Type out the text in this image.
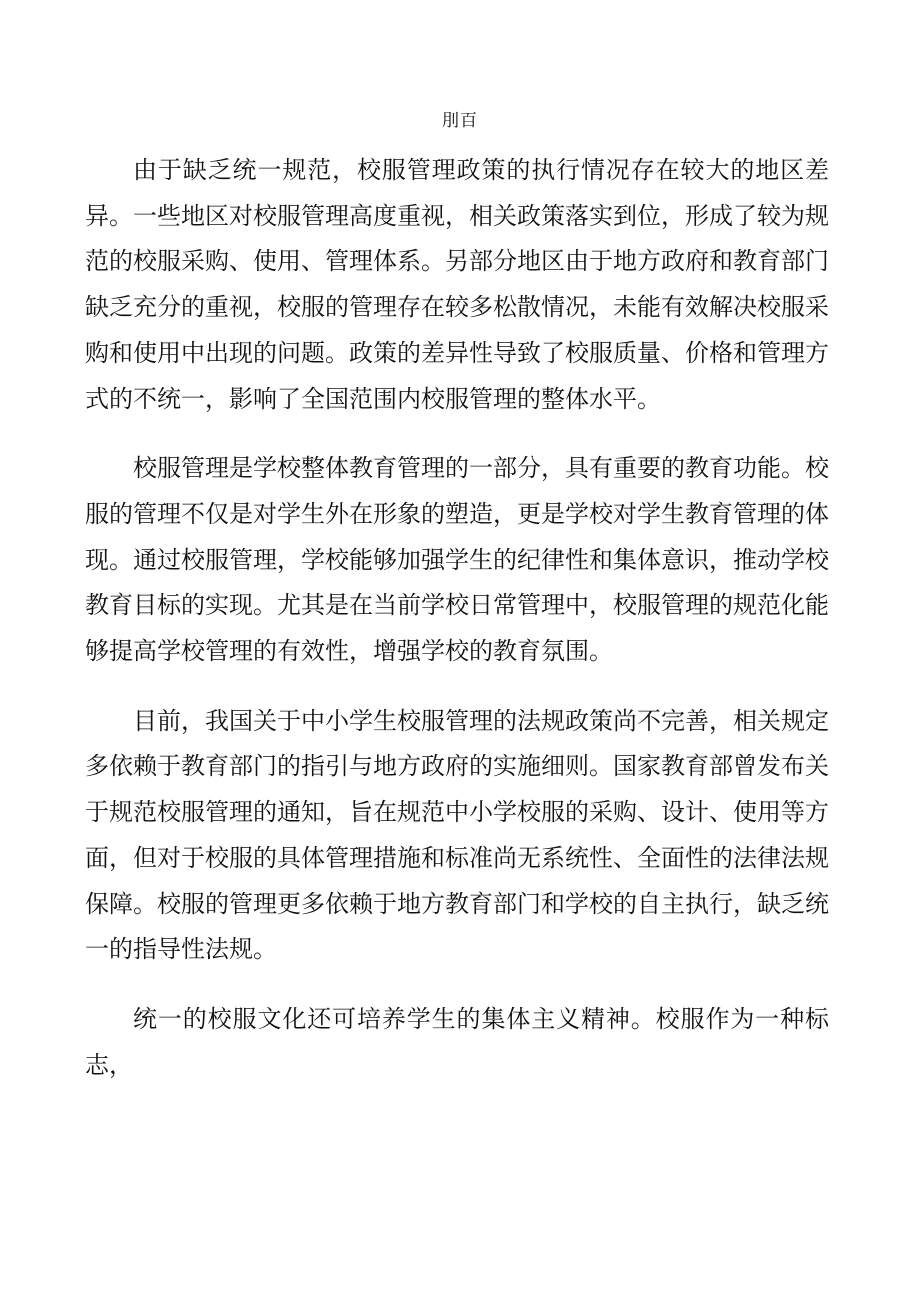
刖百

由于缺乏统一规范，校服管理政策的执行情况存在较大的地区差异。一些地区对校服管理高度重视，相关政策落实到位，形成了较为规范的校服采购、使用、管理体系。另部分地区由于地方政府和教育部门缺乏充分的重视，校服的管理存在较多松散情况，未能有效解决校服采购和使用中出现的问题。政策的差异性导致了校服质量、价格和管理方式的不统一，影响了全国范围内校服管理的整体水平。

校服管理是学校整体教育管理的一部分，具有重要的教育功能。校服的管理不仅是对学生外在形象的塑造，更是学校对学生教育管理的体现。通过校服管理，学校能够加强学生的纪律性和集体意识，推动学校教育目标的实现。尤其是在当前学校日常管理中，校服管理的规范化能够提高学校管理的有效性，增强学校的教育氛围。

目前，我国关于中小学生校服管理的法规政策尚不完善，相关规定多依赖于教育部门的指引与地方政府的实施细则。国家教育部曾发布关于规范校服管理的通知，旨在规范中小学校服的采购、设计、使用等方面，但对于校服的具体管理措施和标准尚无系统性、全面性的法律法规保障。校服的管理更多依赖于地方教育部门和学校的自主执行，缺乏统一的指导性法规。

统一的校服文化还可培养学生的集体主义精神。校服作为一种标志，
